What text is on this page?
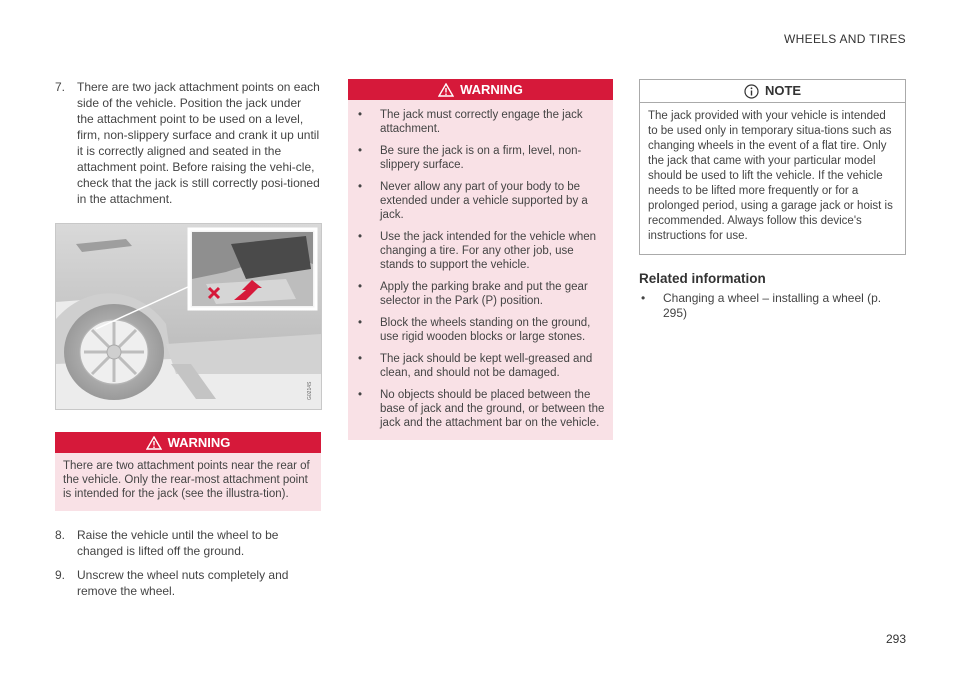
WHEELS AND TIRES
7. There are two jack attachment points on each side of the vehicle. Position the jack under the attachment point to be used on a level, firm, non-slippery surface and crank it up until it is correctly aligned and seated in the attachment point. Before raising the vehi-cle, check that the jack is still correctly posi-tioned in the attachment.
G0214S
WARNING
There are two attachment points near the rear of the vehicle. Only the rear-most attachment point is intended for the jack (see the illustra-tion).
8. Raise the vehicle until the wheel to be changed is lifted off the ground.
9. Unscrew the wheel nuts completely and remove the wheel.
WARNING
•	The jack must correctly engage the jack attachment.
•	Be sure the jack is on a firm, level, non-slippery surface.
•	Never allow any part of your body to be extended under a vehicle supported by a jack.
•	Use the jack intended for the vehicle when changing a tire. For any other job, use stands to support the vehicle.
•	Apply the parking brake and put the gear selector in the Park (P) position.
•	Block the wheels standing on the ground, use rigid wooden blocks or large stones.
•	The jack should be kept well-greased and clean, and should not be damaged.
•	No objects should be placed between the base of jack and the ground, or between the jack and the attachment bar on the vehicle.
NOTE
The jack provided with your vehicle is intended to be used only in temporary situa-tions such as changing wheels in the event of a flat tire. Only the jack that came with your particular model should be used to lift the vehicle. If the vehicle needs to be lifted more frequently or for a prolonged period, using a garage jack or hoist is recommended. Always follow this device's instructions for use.
Related information
•	Changing a wheel – installing a wheel (p. 295)
293
